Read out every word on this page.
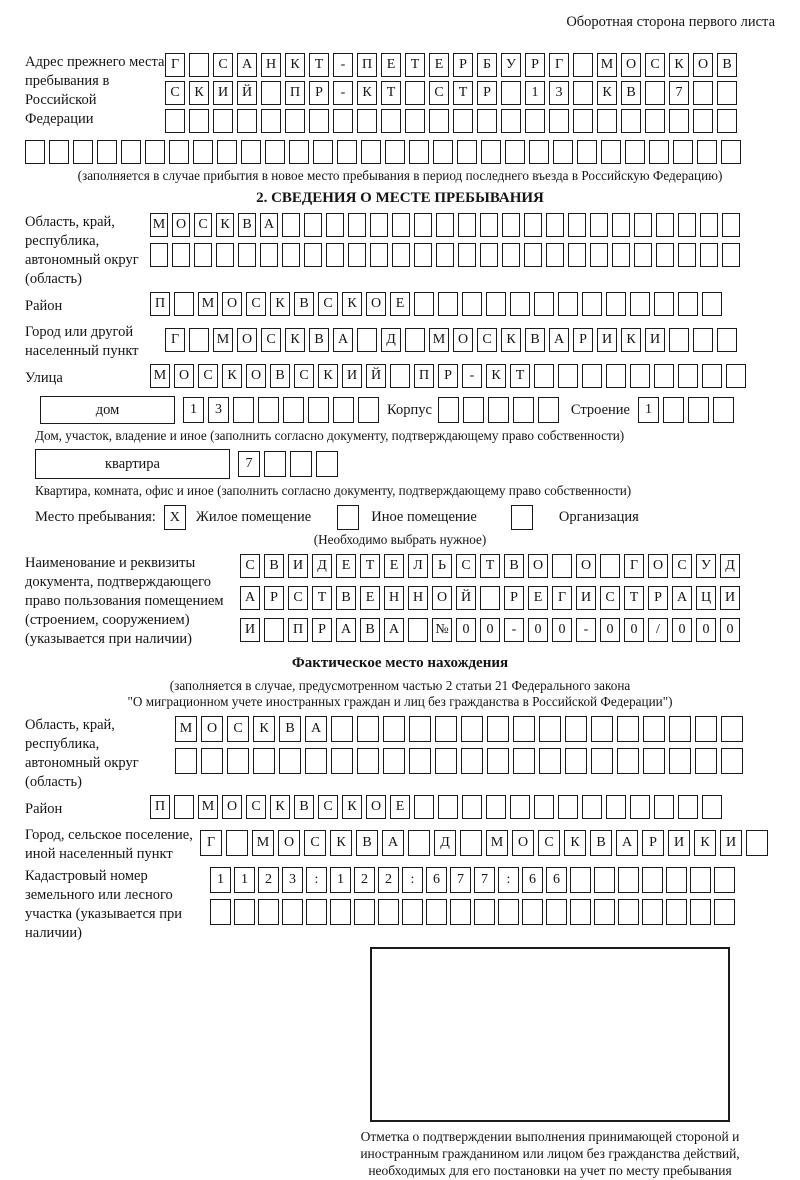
Оборотная сторона первого листа
Адрес прежнего места пребывания в Российской Федерации
Г	С	А Н	К	Т	-	П	Е	Т	Е	Р	Б	У	Р	Г	М О	С	К	О	В
С	К	И Й	П	Р	-	К	Т	С	Т	Р	1	3	К	В	7
(заполняется в случае прибытия в новое место пребывания в период последнего въезда в Российскую Федерацию)
2. СВЕДЕНИЯ О МЕСТЕ ПРЕБЫВАНИЯ
Область, край, республика, автономный округ (область)
М О С К В А
Район	П	М О	С	К	В	С	К	О	Е
Город или другой населенный пункт
Г	М О	С	К	В	А	Д	М О	С	К	В	А	Р	И	К	И
Улица	М О	С	К	О	В	С	К	И Й	П	Р	-	К	Т
дом	1	3	Корпус	Строение	1
Дом, участок, владение и иное (заполнить согласно документу, подтверждающему право собственности)
квартира	7
Квартира, комната, офис и иное (заполнить согласно документу, подтверждающему право собственности)
Место пребывания: X	Жилое помещение	Иное помещение	Организация
(Необходимо выбрать нужное)
Наименование и реквизиты документа, подтверждающего право пользования помещением (строением, сооружением) (указывается при наличии)
С	В	И	Д	Е	Т	Е	Л	Ь	С	Т	В	О	О	Г	О	С	У	Д
А	Р	С	Т	В	Е	Н Н О Й	Р	Е	Г	И	С	Т	Р	А Ц И
И	П	Р	А	В	А	№ 0	0	-	0	0	-	0	0	/	0	0	0
Фактическое место нахождения
(заполняется в случае, предусмотренном частью 2 статьи 21 Федерального закона
"О миграционном учете иностранных граждан и лиц без гражданства в Российской Федерации")
Область, край, республика, автономный округ (область)
М	О	С	К	В	А
Район	П	М О	С	К	В	С	К	О	Е
Город, сельское поселение, иной населенный пункт
Г	М	О	С	К	В	А	Д	М	О	С	К	В	А	Р	И	К	И
Кадастровый номер земельного или лесного участка (указывается при наличии)
1	1	2	3	:	1	2	2	:	6	7	7	:	6	6
Отметка о подтверждении выполнения принимающей стороной и иностранным гражданином или лицом без гражданства действий, необходимых для его постановки на учет по месту пребывания
